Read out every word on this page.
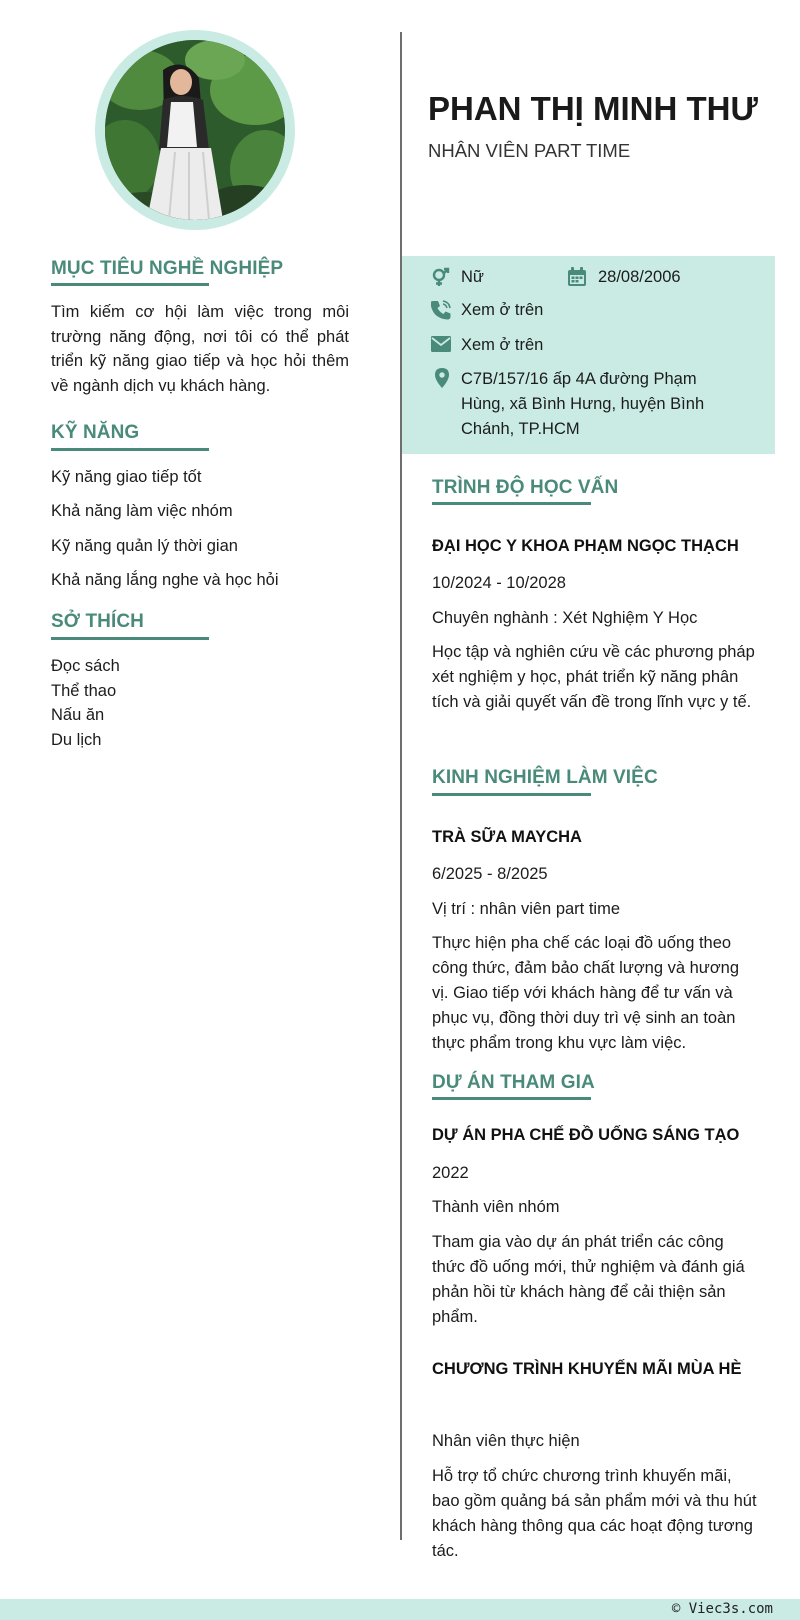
MỤC TIÊU NGHỀ NGHIỆP
Tìm kiếm cơ hội làm việc trong môi trường năng động, nơi tôi có thể phát triển kỹ năng giao tiếp và học hỏi thêm về ngành dịch vụ khách hàng.
KỸ NĂNG
Kỹ năng giao tiếp tốt
Khả năng làm việc nhóm
Kỹ năng quản lý thời gian
Khả năng lắng nghe và học hỏi
SỞ THÍCH
Đọc sách
Thể thao
Nấu ăn
Du lịch
PHAN THỊ MINH THƯ
NHÂN VIÊN PART TIME
Nữ	28/08/2006
Xem ở trên
Xem ở trên
C7B/157/16 ấp 4A đường Phạm Hùng, xã Bình Hưng, huyện Bình Chánh, TP.HCM
TRÌNH ĐỘ HỌC VẤN
ĐẠI HỌC Y KHOA PHẠM NGỌC THẠCH
10/2024 - 10/2028
Chuyên nghành : Xét Nghiệm Y Học
Học tập và nghiên cứu về các phương pháp xét nghiệm y học, phát triển kỹ năng phân tích và giải quyết vấn đề trong lĩnh vực y tế.
KINH NGHIỆM LÀM VIỆC
TRÀ SỮA MAYCHA
6/2025 - 8/2025
Vị trí : nhân viên part time
Thực hiện pha chế các loại đồ uống theo công thức, đảm bảo chất lượng và hương vị. Giao tiếp với khách hàng để tư vấn và phục vụ, đồng thời duy trì vệ sinh an toàn thực phẩm trong khu vực làm việc.
DỰ ÁN THAM GIA
DỰ ÁN PHA CHẾ ĐỒ UỐNG SÁNG TẠO
2022
Thành viên nhóm
Tham gia vào dự án phát triển các công thức đồ uống mới, thử nghiệm và đánh giá phản hồi từ khách hàng để cải thiện sản phẩm.
CHƯƠNG TRÌNH KHUYẾN MÃI MÙA HÈ
Nhân viên thực hiện
Hỗ trợ tổ chức chương trình khuyến mãi, bao gồm quảng bá sản phẩm mới và thu hút khách hàng thông qua các hoạt động tương tác.
© Viec3s.com
